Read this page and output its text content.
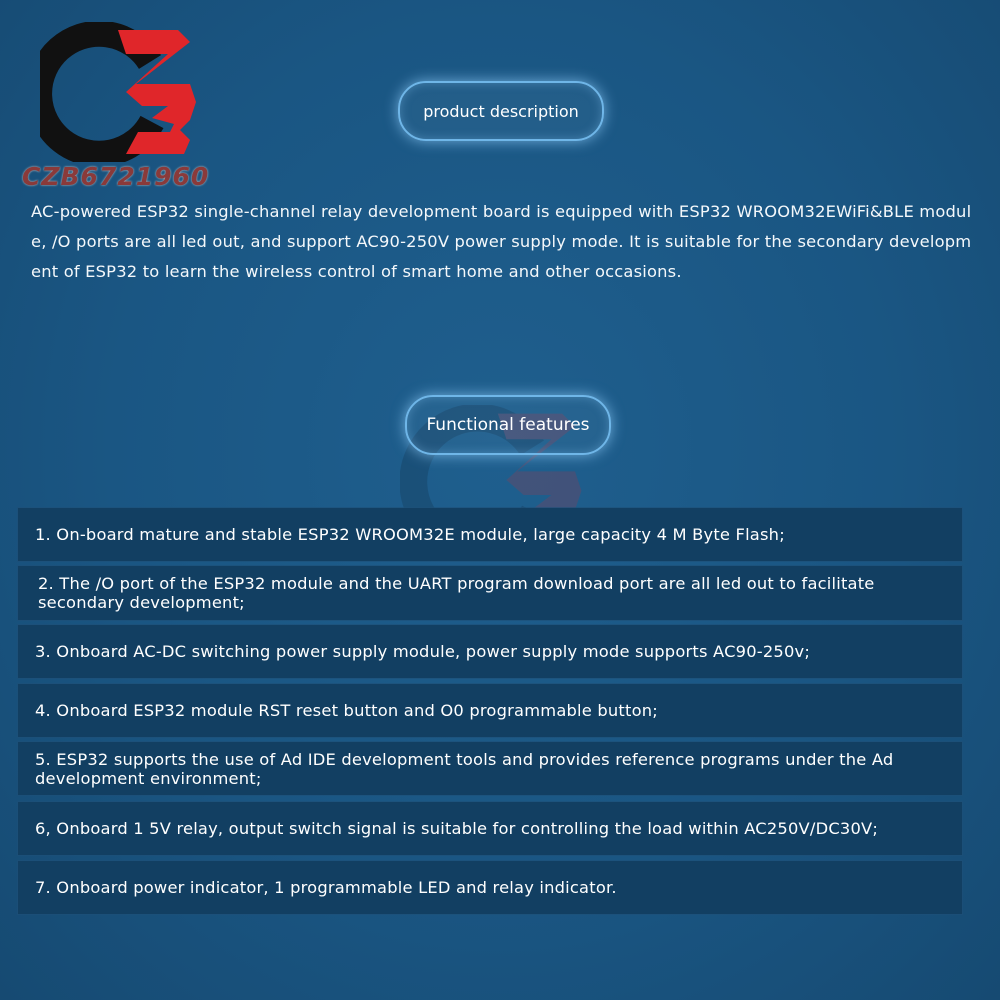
CZB6721960
product description
AC-powered ESP32 single-channel relay development board is equipped with ESP32 WROOM32EWiFi&BLE module, /O ports are all led out, and support AC90-250V power supply mode. It is suitable for the secondary development of ESP32 to learn the wireless control of smart home and other occasions.
Functional features
1. On-board mature and stable ESP32 WROOM32E module, large capacity 4 M Byte Flash;
2. The /O port of the ESP32 module and the UART program download port are all led out to facilitate secondary development;
3. Onboard AC-DC switching power supply module, power supply mode supports AC90-250v;
4. Onboard ESP32 module RST reset button and O0 programmable button;
5. ESP32 supports the use of Ad IDE development tools and provides reference programs under the Ad development environment;
6, Onboard 1 5V relay, output switch signal is suitable for controlling the load within AC250V/DC30V;
7. Onboard power indicator, 1 programmable LED and relay indicator.
